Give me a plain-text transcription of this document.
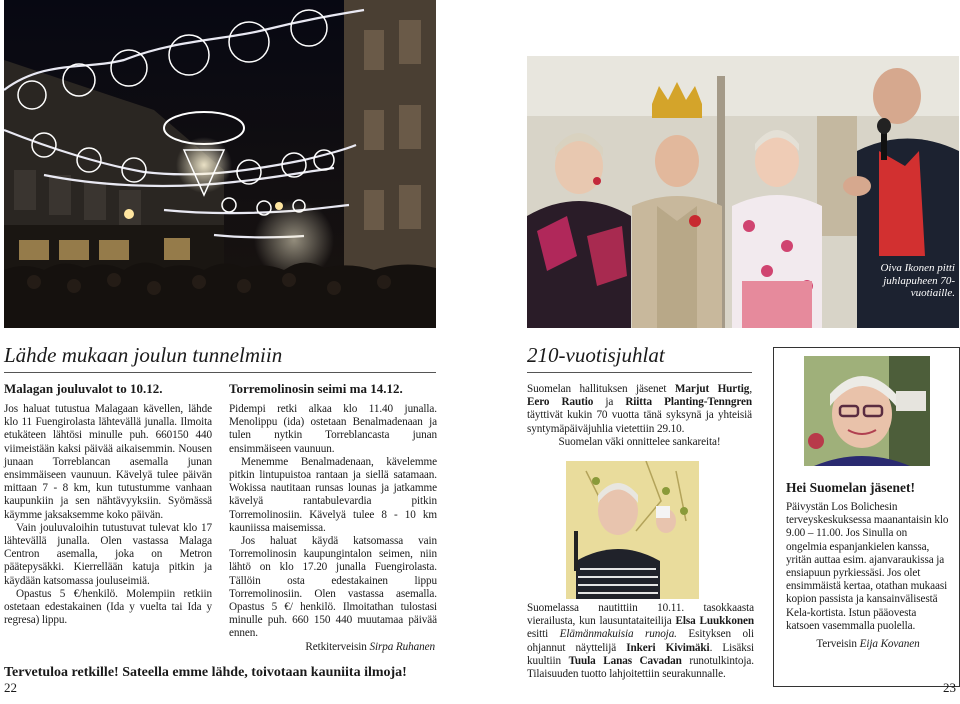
Lähde mukaan joulun tunnelmiin
Malagan jouluvalot to 10.12.

Jos haluat tutustua Malagaan kävellen, lähde klo 11 Fuengirolasta lähtevällä junalla. Ilmoita etukäteen lähtösi minulle puh. 660150 440 viimeistään kaksi päivää aikaisemmin. Nousen junaan Torreblancan asemalla junan ensimmäiseen vaunuun. Kävelyä tulee päivän mittaan 7 - 8 km, kun tutustumme vanhaan kaupunkiin ja sen nähtävyyksiin. Syömässä käymme jaksaksemme koko päivän.

Vain jouluvaloihin tutustuvat tulevat klo 17 lähtevällä junalla. Olen vastassa Malaga Centron asemalla, joka on Metron päätepysäkki. Kierrellään katuja pitkin ja käydään katsomassa jouluseimiä.

Opastus 5 €/henkilö. Molempiin retkiin ostetaan edestakainen (Ida y vuelta tai Ida y regresa) lippu.

Torremolinosin seimi ma 14.12.

Pidempi retki alkaa klo 11.40 junalla. Menolippu (ida) ostetaan Benalmadenaan ja tulen nytkin Torreblancasta junan ensimmäiseen vaunuun.

Menemme Benalmadenaan, kävelemme pitkin lintupuistoa rantaan ja siellä satamaan. Wokissa nautitaan runsas lounas ja jatkamme kävelyä rantabulevardia pitkin Torremolinosiin. Kävelyä tulee 8 - 10 km kauniissa maisemissa.

Jos haluat käydä katsomassa vain Torremolinosin kaupungintalon seimen, niin lähtö on klo 17.20 junalla Fuengirolasta. Tällöin osta edestakainen lippu Torremolinosiin. Olen vastassa asemalla. Opastus 5 €/ henkilö. Ilmoitathan tulostasi minulle puh. 660 150 440 muutamaa päivää ennen.

Retkiterveisin Sirpa Ruhanen

Tervetuloa retkille! Sateella emme lähde, toivotaan kauniita ilmoja!
22
Oiva Ikonen pitti juhlapuheen 70-vuotiaille.
210-vuotisjuhlat

Suomelan hallituksen jäsenet Marjut Hurtig, Eero Rautio ja Riitta Planting-Tenngren täyttivät kukin 70 vuotta tänä syksynä ja yhteisiä syntymäpäiväjuhlia vietettiin 29.10.

Suomelan väki onnittelee sankareita!

Suomelassa nautittiin 10.11. tasokkaasta vierailusta, kun lausuntataiteilija Elsa Luukkonen esitti Elämänmakuisia runoja. Esityksen oli ohjannut näyttelijä Inkeri Kivimäki. Lisäksi kuultiin Tuula Lanas Cavadan runotulkintoja. Tilaisuuden tuotto lahjoitettiin seurakunnalle.

Hei Suomelan jäsenet!

Päivystän Los Bolichesin terveyskeskuksessa maanantaisin klo 9.00 – 11.00. Jos Sinulla on ongelmia espanjankielen kanssa, yritän auttaa esim. ajanvaraukissa ja ensiapuun pyrkiessäsi. Jos olet ensimmäistä kertaa, otathan mukaasi kopion passista ja kansainvälisestä Kela-kortista. Istun pääovesta katsoen vasemmalla puolella.

Terveisin Eija Kovanen

23
